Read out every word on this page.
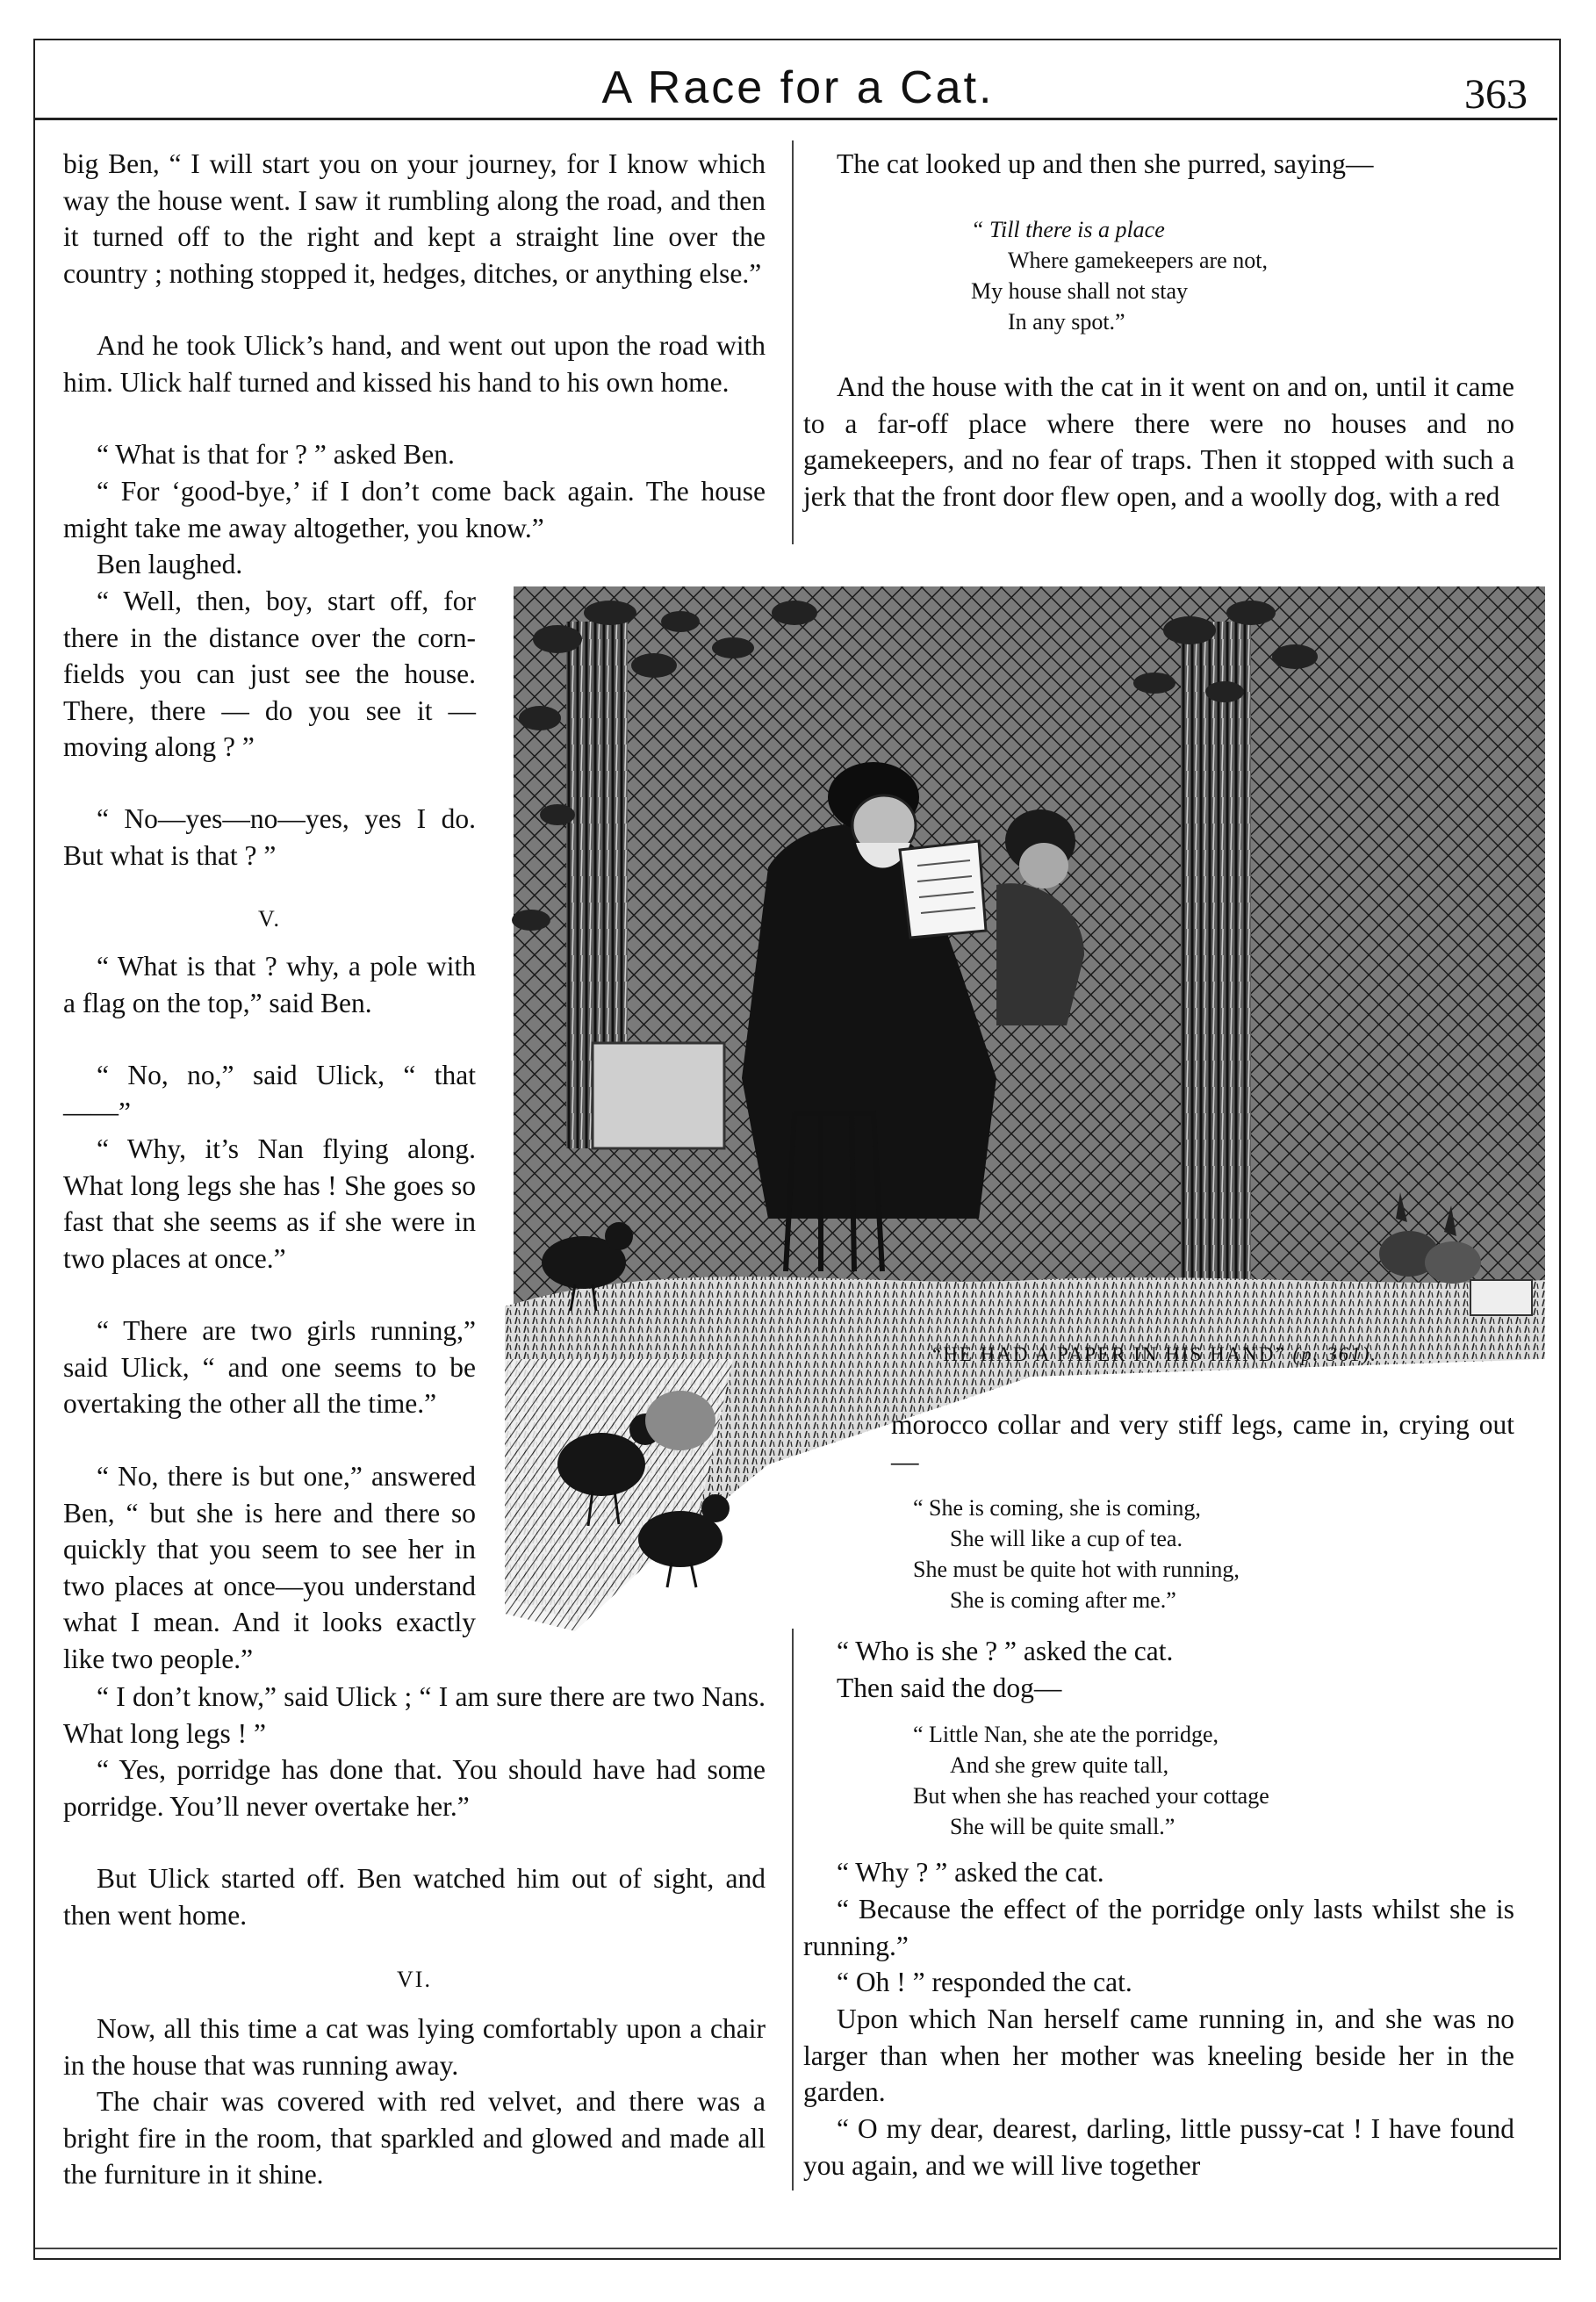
A Race for a Cat.	363

big Ben, “ I will start you on your journey, for I know which way the house went. I saw it rumbling along the road, and then it turned off to the right and kept a straight line over the country ; nothing stopped it, hedges, ditches, or anything else.”

And he took Ulick’s hand, and went out upon the road with him. Ulick half turned and kissed his hand to his own home.

“ What is that for ? ” asked Ben.

“ For ‘good-bye,’ if I don’t come back again. The house might take me away altogether, you know.”

Ben laughed.

“ Well, then, boy, start off, for there in the distance over the corn-fields you can just see the house. There, there — do you see it — moving along ? ”

“ No—yes—no—yes, yes I do. But what is that ? ”

V.

“ What is that ? why, a pole with a flag on the top,” said Ben.

“ No, no,” said Ulick, “ that ——”

“ Why, it’s Nan flying along. What long legs she has ! She goes so fast that she seems as if she were in two places at once.”

“ There are two girls running,” said Ulick, “ and one seems to be overtaking the other all the time.”

“ No, there is but one,” answered Ben, “ but she is here and there so quickly that you seem to see her in two places at once—you understand what I mean. And it looks exactly like two people.”

“ I don’t know,” said Ulick ; “ I am sure there are two Nans. What long legs ! ”

“ Yes, porridge has done that. You should have had some porridge. You’ll never overtake her.”

But Ulick started off. Ben watched him out of sight, and then went home.

VI.

Now, all this time a cat was lying comfortably upon a chair in the house that was running away.

The chair was covered with red velvet, and there was a bright fire in the room, that sparkled and glowed and made all the furniture in it shine.

The cat looked up and then she purred, saying—

“ Till there is a place
Where gamekeepers are not,
My house shall not stay
In any spot.”

And the house with the cat in it went on and on, until it came to a far-off place where there were no houses and no gamekeepers, and no fear of traps. Then it stopped with such a jerk that the front door flew open, and a woolly dog, with a red

“HE HAD A PAPER IN HIS HAND” (p. 361).

morocco collar and very stiff legs, came in, crying out—

“ She is coming, she is coming,
She will like a cup of tea.
She must be quite hot with running,
She is coming after me.”

“ Who is she ? ” asked the cat.

Then said the dog—

“ Little Nan, she ate the porridge,
And she grew quite tall,
But when she has reached your cottage
She will be quite small.”

“ Why ? ” asked the cat.

“ Because the effect of the porridge only lasts whilst she is running.”

“ Oh ! ” responded the cat.

Upon which Nan herself came running in, and she was no larger than when her mother was kneeling beside her in the garden.

“ O my dear, dearest, darling, little pussy-cat ! I have found you again, and we will live together
